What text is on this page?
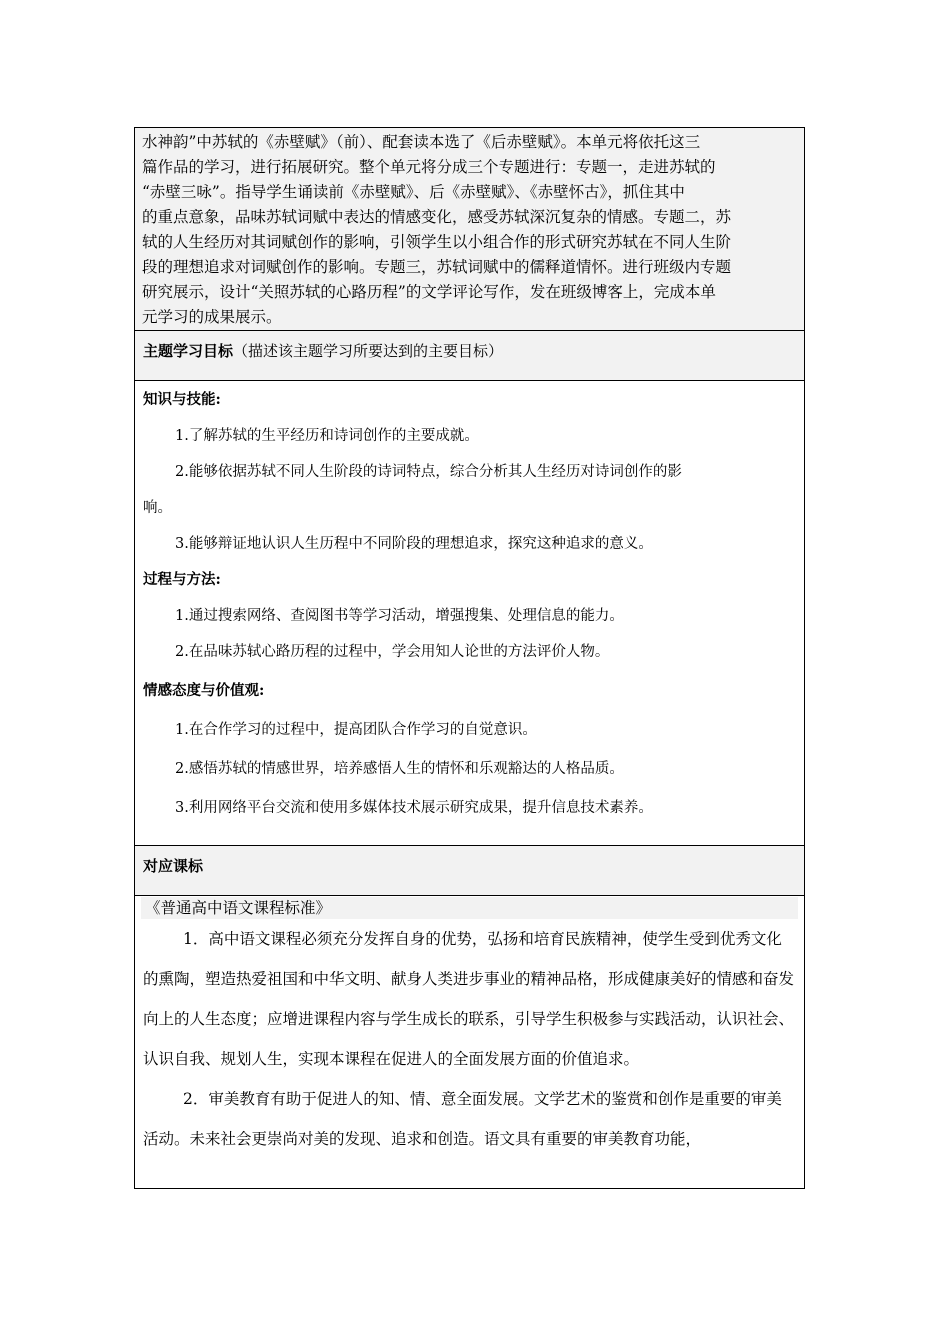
水神韵”中苏轼的《赤壁赋》（前）、配套读本选了《后赤壁赋》。本单元将依托这三
篇作品的学习，进行拓展研究。整个单元将分成三个专题进行：专题一，走进苏轼的
“赤壁三咏”。指导学生诵读前《赤壁赋》、后《赤壁赋》、《赤壁怀古》，抓住其中
的重点意象，品味苏轼词赋中表达的情感变化，感受苏轼深沉复杂的情感。专题二，苏
轼的人生经历对其词赋创作的影响，引领学生以小组合作的形式研究苏轼在不同人生阶
段的理想追求对词赋创作的影响。专题三，苏轼词赋中的儒释道情怀。进行班级内专题
研究展示，设计“关照苏轼的心路历程”的文学评论写作，发在班级博客上，完成本单
元学习的成果展示。
主题学习目标（描述该主题学习所要达到的主要目标）
知识与技能:
1.了解苏轼的生平经历和诗词创作的主要成就。
2.能够依据苏轼不同人生阶段的诗词特点，综合分析其人生经历对诗词创作的影
响。
3.能够辩证地认识人生历程中不同阶段的理想追求，探究这种追求的意义。
过程与方法:
1.通过搜索网络、查阅图书等学习活动，增强搜集、处理信息的能力。
2.在品味苏轼心路历程的过程中，学会用知人论世的方法评价人物。
情感态度与价值观:
1.在合作学习的过程中，提高团队合作学习的自觉意识。
2.感悟苏轼的情感世界，培养感悟人生的情怀和乐观豁达的人格品质。
3.利用网络平台交流和使用多媒体技术展示研究成果，提升信息技术素养。
对应课标
《普通高中语文课程标准》
1．高中语文课程必须充分发挥自身的优势，弘扬和培育民族精神，使学生受到优秀文化的熏陶，塑造热爱祖国和中华文明、献身人类进步事业的精神品格，形成健康美好的情感和奋发向上的人生态度；应增进课程内容与学生成长的联系，引导学生积极参与实践活动，认识社会、认识自我、规划人生，实现本课程在促进人的全面发展方面的价值追求。
2．审美教育有助于促进人的知、情、意全面发展。文学艺术的鉴赏和创作是重要的审美活动。未来社会更崇尚对美的发现、追求和创造。语文具有重要的审美教育功能，
